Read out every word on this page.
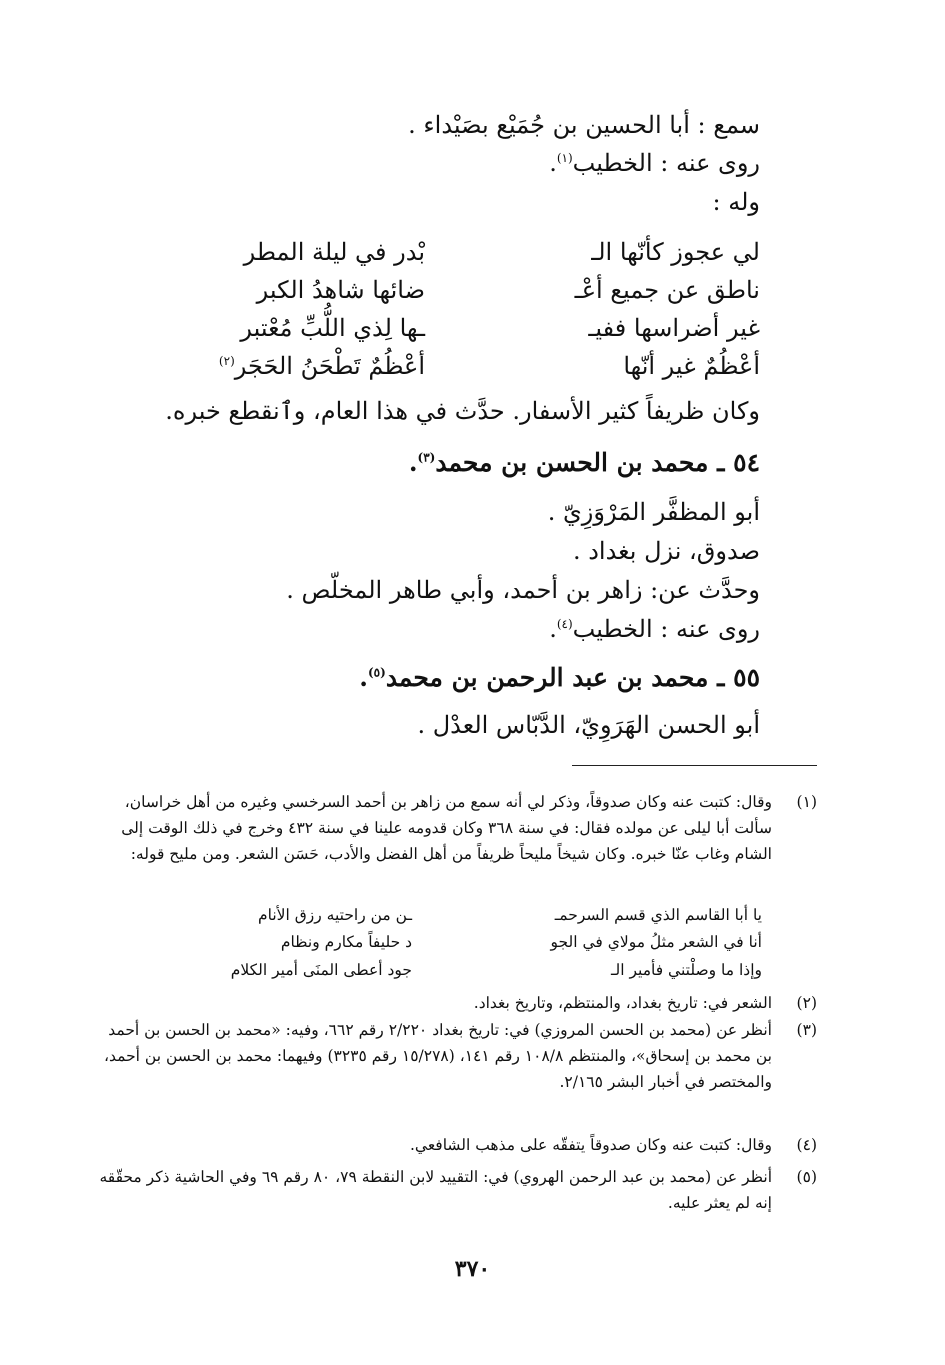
سمع : أبا الحسين بن جُمَيْع بصَيْداء .
روى عنه : الخطيب$^{(١)}$.
وله :
لي عجوز كأنّها الـ
بْدر في ليلة المطر
ناطق عن جميع أعْـ
ضائها شاهدُ الكبر
غير أضراسها ففيـ
ـها لِذي اللُّبِّ مُعْتبر
أعْظُمٌ غير أنّها
أعْظُمٌ تَطْحَنُ الحَجَر$^{(٢)}$
وكان ظريفاً كثير الأسفار. حدَّث في هذا العام، وٱنقطع خبره.
٥٤ ـ محمد بن الحسن بن محمد$^{(٣)}$.
أبو المظفَّر المَرْوَزِيّ .
صدوق، نزل بغداد .
وحدَّث عن: زاهر بن أحمد، وأبي طاهر المخلّص .
روى عنه : الخطيب$^{(٤)}$.
٥٥ ـ محمد بن عبد الرحمن بن محمد$^{(٥)}$.
أبو الحسن الهَرَوِيّ، الدَّبّاس العدْل .
(١)
وقال: كتبت عنه وكان صدوقاً، وذكر لي أنه سمع من زاهر بن أحمد السرخسي وغيره من أهل خراسان، سألت أبا ليلى عن مولده فقال: في سنة ٣٦٨ وكان قدومه علينا في سنة ٤٣٢ وخرج في ذلك الوقت إلى الشام وغاب عنّا خبره. وكان شيخاً مليحاً ظريفاً من أهل الفضل والأدب، حَسَن الشعر. ومن مليح قوله:
يا أبا القاسم الذي قسم السرحمـ
ـن من راحتيه رزق الأنام
أنا في الشعر مثلُ مولاي في الجو
د حليفاً مكارم ونظام
وإذا ما وصلْتني فأمير الـ
جود أعطى المنَى أمير الكلام
(٢)
الشعر في: تاريخ بغداد، والمنتظم، وتاريخ بغداد.
(٣)
أنظر عن (محمد بن الحسن المروزي) في: تاريخ بغداد ٢/٢٢٠ رقم ٦٦٢، وفيه: «محمد بن الحسن بن أحمد بن محمد بن إسحاق»، والمنتظم ١٠٨/٨ رقم ١٤١، (١٥/٢٧٨ رقم ٣٢٣٥) وفيهما: محمد بن الحسن بن أحمد، والمختصر في أخبار البشر ٢/١٦٥.
(٤)
وقال: كتبت عنه وكان صدوقاً يتفقّه على مذهب الشافعي.
(٥)
أنظر عن (محمد بن عبد الرحمن الهروي) في: التقييد لابن النقطة ٧٩، ٨٠ رقم ٦٩ وفي الحاشية ذكر محقّقه إنه لم يعثر عليه.
٣٧٠
